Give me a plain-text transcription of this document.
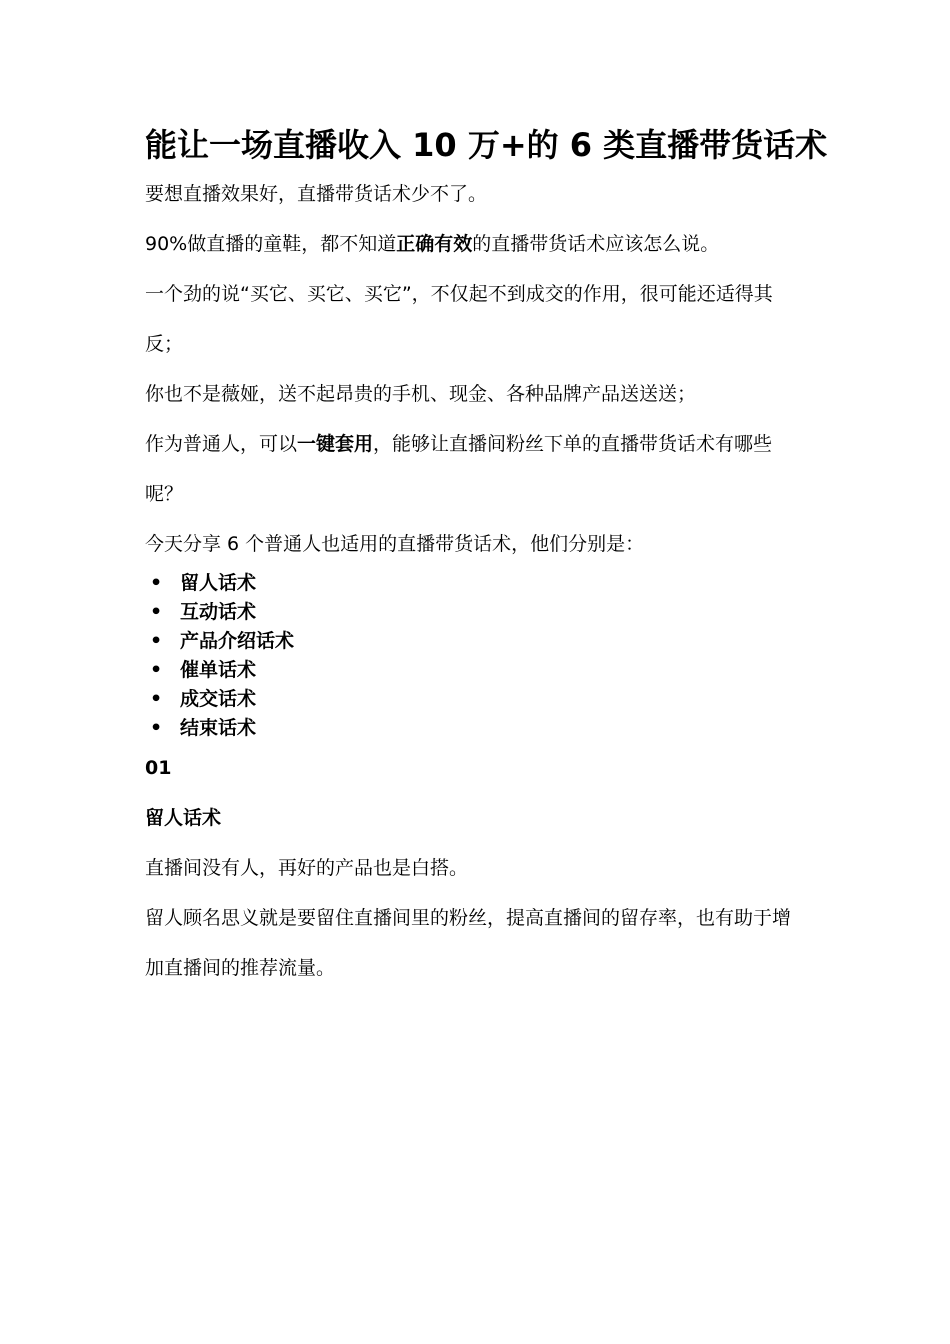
能让一场直播收入 10 万+的 6 类直播带货话术

要想直播效果好，直播带货话术少不了。

90%做直播的童鞋，都不知道正确有效的直播带货话术应该怎么说。

一个劲的说“买它、买它、买它”，不仅起不到成交的作用，很可能还适得其反；

你也不是薇娅，送不起昂贵的手机、现金、各种品牌产品送送送；

作为普通人，可以一键套用，能够让直播间粉丝下单的直播带货话术有哪些呢？

今天分享 6 个普通人也适用的直播带货话术，他们分别是：

• 留人话术
• 互动话术
• 产品介绍话术
• 催单话术
• 成交话术
• 结束话术

01

留人话术

直播间没有人，再好的产品也是白搭。

留人顾名思义就是要留住直播间里的粉丝，提高直播间的留存率，也有助于增加直播间的推荐流量。
